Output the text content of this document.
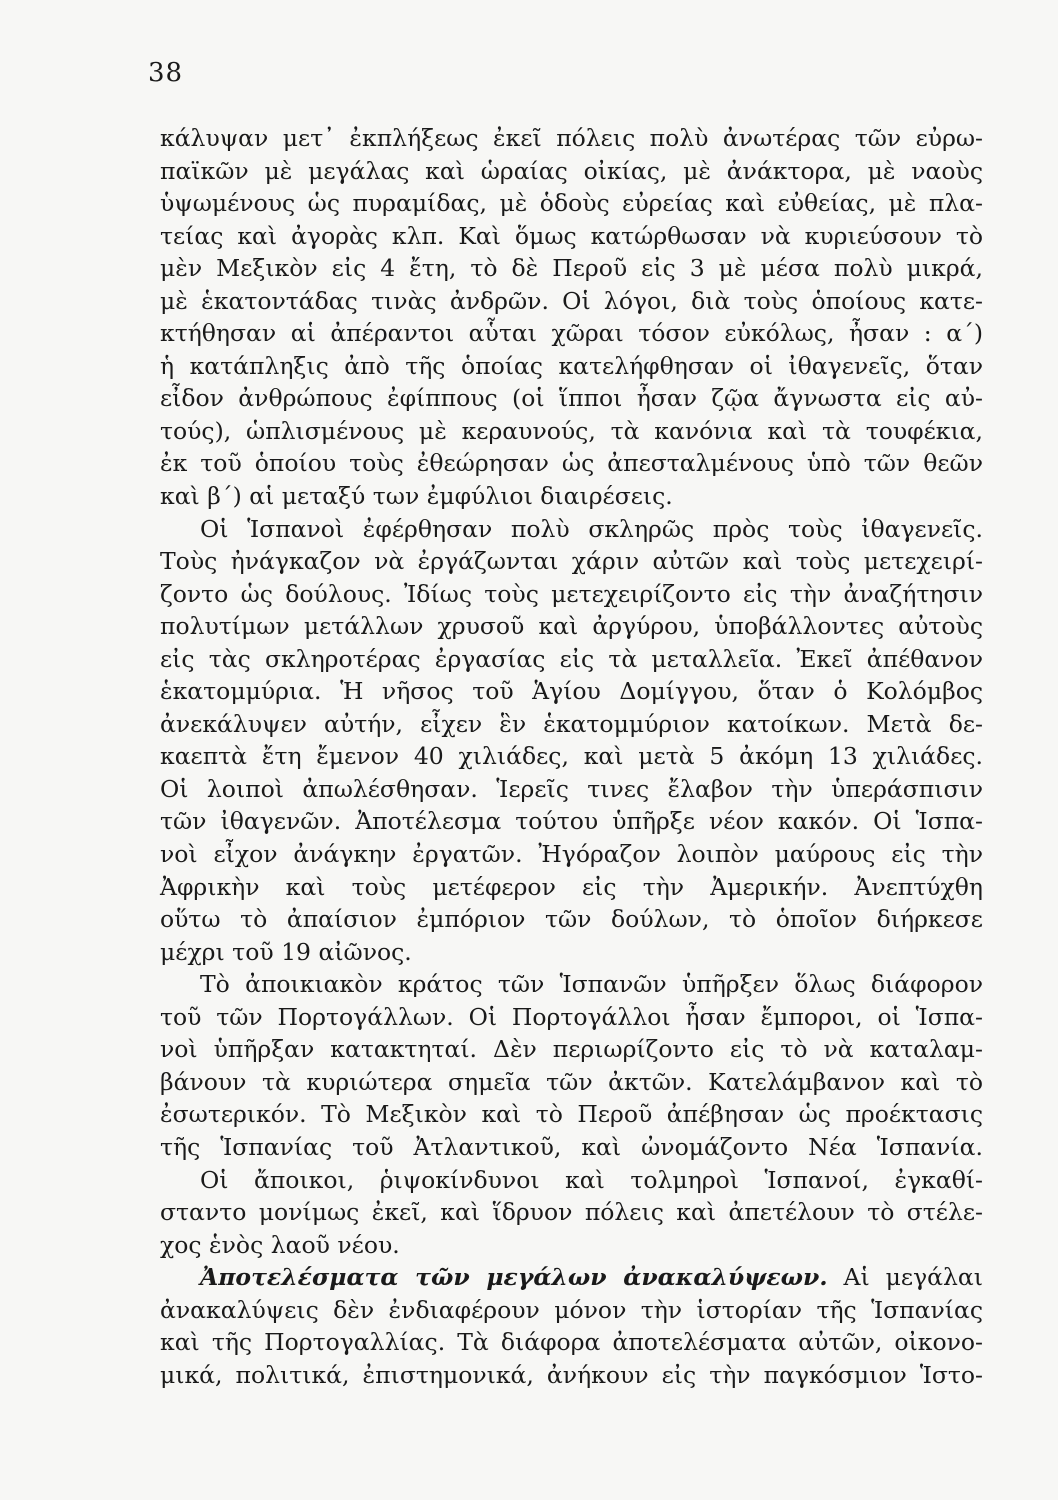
38
κάλυψαν μετ᾽ ἐκπλήξεως ἐκεῖ πόλεις πολὺ ἀνωτέρας τῶν εὐρω-
παϊκῶν μὲ μεγάλας καὶ ὡραίας οἰκίας, μὲ ἀνάκτορα, μὲ ναοὺς
ὑψωμένους ὡς πυραμίδας, μὲ ὁδοὺς εὐρείας καὶ εὐθείας, μὲ πλα-
τείας καὶ ἀγορὰς κλπ. Καὶ ὅμως κατώρθωσαν νὰ κυριεύσουν τὸ
μὲν Μεξικὸν εἰς 4 ἔτη, τὸ δὲ Περοῦ εἰς 3 μὲ μέσα πολὺ μικρά,
μὲ ἑκατοντάδας τινὰς ἀνδρῶν. Οἱ λόγοι, διὰ τοὺς ὁποίους κατε-
κτήθησαν αἱ ἀπέραντοι αὗται χῶραι τόσον εὐκόλως, ἦσαν : α΄)
ἡ κατάπληξις ἀπὸ τῆς ὁποίας κατελήφθησαν οἱ ἰθαγενεῖς, ὅταν
εἶδον ἀνθρώπους ἐφίππους (οἱ ἵπποι ἦσαν ζῷα ἄγνωστα εἰς αὐ-
τούς), ὡπλισμένους μὲ κεραυνούς, τὰ κανόνια καὶ τὰ τουφέκια,
ἐκ τοῦ ὁποίου τοὺς ἐθεώρησαν ὡς ἀπεσταλμένους ὑπὸ τῶν θεῶν
καὶ β΄) αἱ μεταξύ των ἐμφύλιοι διαιρέσεις.
Οἱ Ἱσπανοὶ ἐφέρθησαν πολὺ σκληρῶς πρὸς τοὺς ἰθαγενεῖς.
Τοὺς ἠνάγκαζον νὰ ἐργάζωνται χάριν αὐτῶν καὶ τοὺς μετεχειρί-
ζοντο ὡς δούλους. Ἰδίως τοὺς μετεχειρίζοντο εἰς τὴν ἀναζήτησιν
πολυτίμων μετάλλων χρυσοῦ καὶ ἀργύρου, ὑποβάλλοντες αὐτοὺς
εἰς τὰς σκληροτέρας ἐργασίας εἰς τὰ μεταλλεῖα. Ἐκεῖ ἀπέθανον
ἑκατομμύρια. Ἡ νῆσος τοῦ Ἁγίου Δομίγγου, ὅταν ὁ Κολόμβος
ἀνεκάλυψεν αὐτήν, εἶχεν ἓν ἑκατομμύριον κατοίκων. Μετὰ δε-
καεπτὰ ἔτη ἔμενον 40 χιλιάδες, καὶ μετὰ 5 ἀκόμη 13 χιλιάδες.
Οἱ λοιποὶ ἀπωλέσθησαν. Ἱερεῖς τινες ἔλαβον τὴν ὑπεράσπισιν
τῶν ἰθαγενῶν. Ἀποτέλεσμα τούτου ὑπῆρξε νέον κακόν. Οἱ Ἱσπα-
νοὶ εἶχον ἀνάγκην ἐργατῶν. Ἠγόραζον λοιπὸν μαύρους εἰς τὴν
Ἀφρικὴν καὶ τοὺς μετέφερον εἰς τὴν Ἀμερικήν. Ἀνεπτύχθη
οὕτω τὸ ἀπαίσιον ἐμπόριον τῶν δούλων, τὸ ὁποῖον διήρκεσε
μέχρι τοῦ 19 αἰῶνος.
Τὸ ἀποικιακὸν κράτος τῶν Ἱσπανῶν ὑπῆρξεν ὅλως διάφορον
τοῦ τῶν Πορτογάλλων. Οἱ Πορτογάλλοι ἦσαν ἔμποροι, οἱ Ἱσπα-
νοὶ ὑπῆρξαν κατακτηταί. Δὲν περιωρίζοντο εἰς τὸ νὰ καταλαμ-
βάνουν τὰ κυριώτερα σημεῖα τῶν ἀκτῶν. Κατελάμβανον καὶ τὸ
ἐσωτερικόν. Τὸ Μεξικὸν καὶ τὸ Περοῦ ἀπέβησαν ὡς προέκτασις
τῆς Ἱσπανίας τοῦ Ἀτλαντικοῦ, καὶ ὠνομάζοντο Νέα Ἱσπανία.
Οἱ ἄποικοι, ῥιψοκίνδυνοι καὶ τολμηροὶ Ἱσπανοί, ἐγκαθί-
σταντο μονίμως ἐκεῖ, καὶ ἵδρυον πόλεις καὶ ἀπετέλουν τὸ στέλε-
χος ἑνὸς λαοῦ νέου.
Ἀποτελέσματα τῶν μεγάλων ἀνακαλύψεων. Αἱ μεγάλαι
ἀνακαλύψεις δὲν ἐνδιαφέρουν μόνον τὴν ἱστορίαν τῆς Ἱσπανίας
καὶ τῆς Πορτογαλλίας. Τὰ διάφορα ἀποτελέσματα αὐτῶν, οἰκονο-
μικά, πολιτικά, ἐπιστημονικά, ἀνήκουν εἰς τὴν παγκόσμιον Ἱστο-
